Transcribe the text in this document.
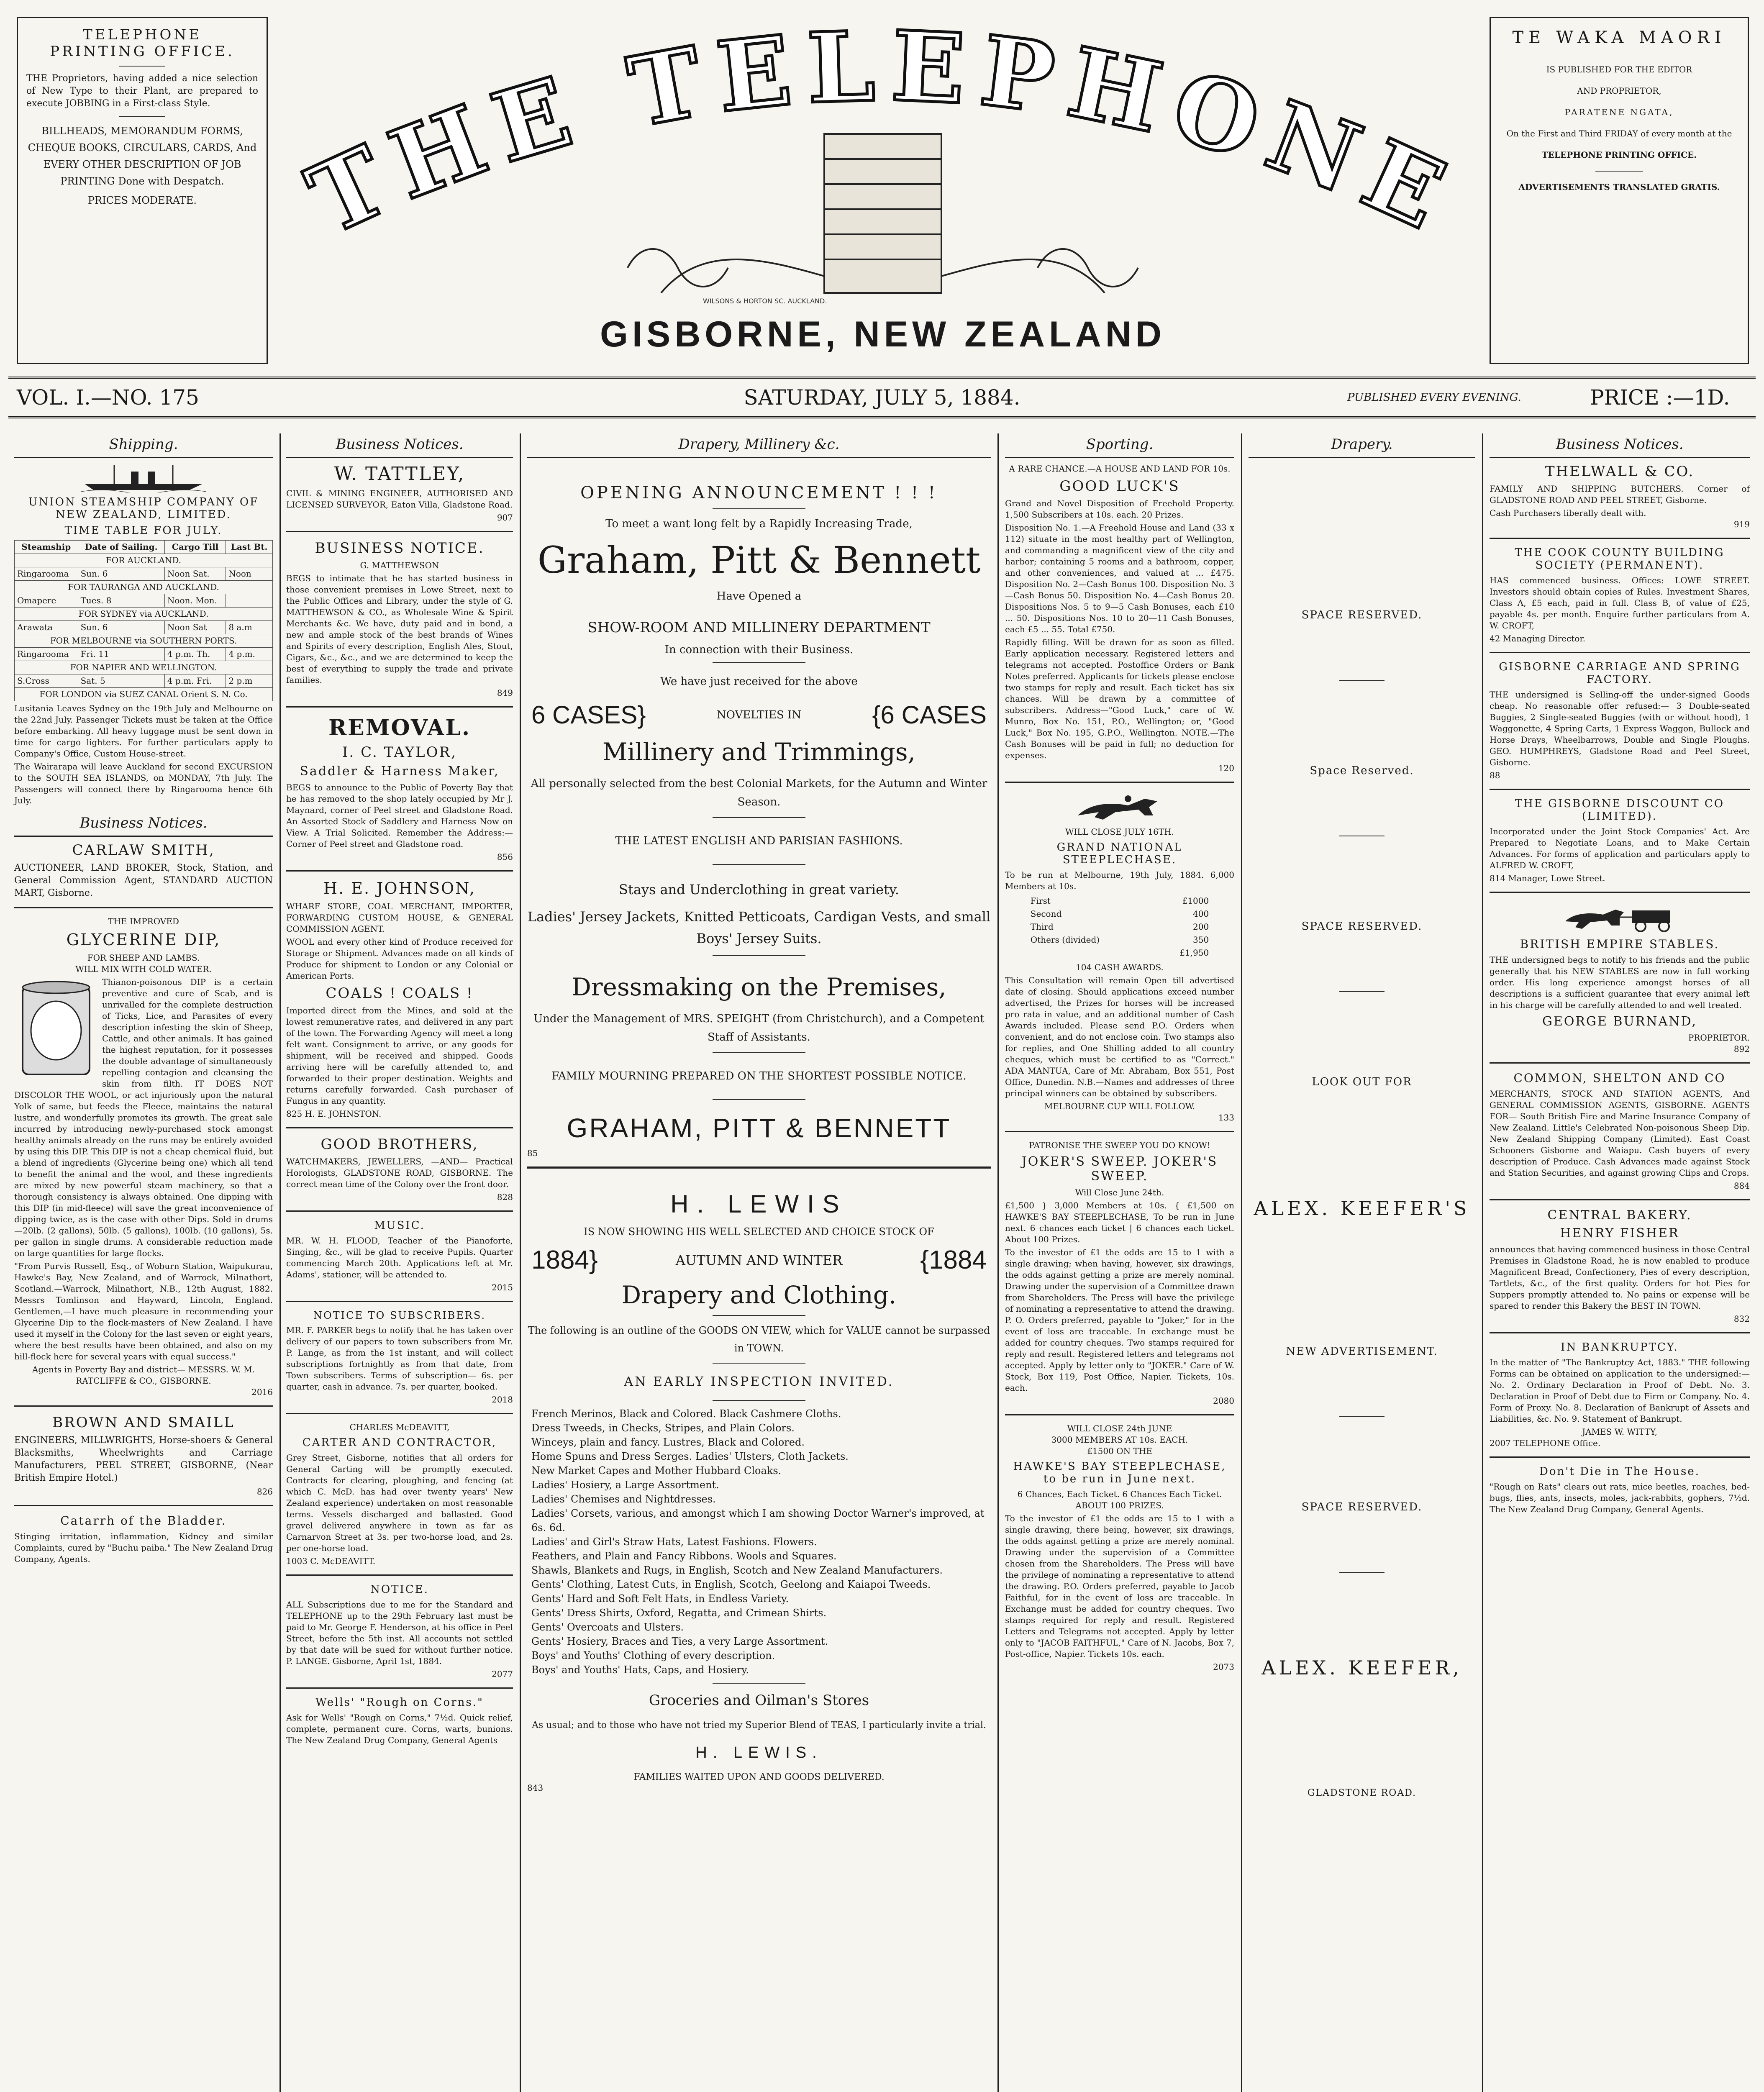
TELEPHONE
PRINTING OFFICE.
THE Proprietors, having added a nice selection of New Type to their Plant, are prepared to execute JOBBING in a First-class Style.
BILLHEADS, MEMORANDUM FORMS, CHEQUE BOOKS, CIRCULARS, CARDS, And EVERY OTHER DESCRIPTION OF JOB PRINTING Done with Despatch.
PRICES MODERATE. THE TELEPHONE
WILSONS & HORTON SC. AUCKLAND.
GISBORNE, NEW ZEALAND
TE WAKA MAORI
IS PUBLISHED FOR THE EDITOR
AND PROPRIETOR,
PARATENE NGATA,
On the First and Third FRIDAY of every month at the
TELEPHONE PRINTING OFFICE.
ADVERTISEMENTS TRANSLATED GRATIS.
VOL. I.—NO. 175	SATURDAY, JULY 5, 1884.	PUBLISHED EVERY EVENING.	PRICE :—1D.
Shipping.
UNION STEAMSHIP COMPANY OF NEW ZEALAND, LIMITED.
TIME TABLE FOR JULY.
Steamship	Date of Sailing.	Cargo Till	Last Bt.
FOR AUCKLAND.			
Ringarooma	Sun. 6	Noon Sat.	Noon
FOR TAURANGA AND AUCKLAND.			
Omapere	Tues. 8	Noon. Mon.	
FOR SYDNEY via AUCKLAND.			
Arawata	Sun. 6	Noon Sat	8 a.m
FOR MELBOURNE via SOUTHERN PORTS.			
Ringarooma	Fri. 11	4 p.m. Th.	4 p.m.
FOR NAPIER AND WELLINGTON.			
S.Cross	Sat. 5	4 p.m. Fri.	2 p.m
FOR LONDON via SUEZ CANAL Orient S. N. Co.			
Lusitania Leaves Sydney on the 19th July and Melbourne on the 22nd July. Passenger Tickets must be taken at the Office before embarking. All heavy luggage must be sent down in time for cargo lighters. For further particulars apply to Company's Office, Custom House-street.
The Wairarapa will leave Auckland for second EXCURSION to the SOUTH SEA ISLANDS, on MONDAY, 7th July. The Passengers will connect there by Ringarooma hence 6th July.
Business Notices.
CARLAW SMITH,
AUCTIONEER, LAND BROKER, Stock, Station, and General Commission Agent, STANDARD AUCTION MART, Gisborne.
THE IMPROVED
GLYCERINE DIP,
FOR SHEEP AND LAMBS.
WILL MIX WITH COLD WATER.
Thianon-poisonous DIP is a certain preventive and cure of Scab, and is unrivalled for the complete destruction of Ticks, Lice, and Parasites of every description infesting the skin of Sheep, Cattle, and other animals. It has gained the highest reputation, for it possesses the double advantage of simultaneously repelling contagion and cleansing the skin from filth. IT DOES NOT DISCOLOR THE WOOL, or act injuriously upon the natural Yolk of same, but feeds the Fleece, maintains the natural lustre, and wonderfully promotes its growth. The great sale incurred by introducing newly-purchased stock amongst healthy animals already on the runs may be entirely avoided by using this DIP. This DIP is not a cheap chemical fluid, but a blend of ingredients (Glycerine being one) which all tend to benefit the animal and the wool, and these ingredients are mixed by new powerful steam machinery, so that a thorough consistency is always obtained. One dipping with this DIP (in mid-fleece) will save the great inconvenience of dipping twice, as is the case with other Dips. Sold in drums—20lb. (2 gallons), 50lb. (5 gallons), 100lb. (10 gallons), 5s. per gallon in single drums. A considerable reduction made on large quantities for large flocks.
"From Purvis Russell, Esq., of Woburn Station, Waipukurau, Hawke's Bay, New Zealand, and of Warrock, Milnathort, Scotland.—Warrock, Milnathort, N.B., 12th August, 1882. Messrs Tomlinson and Hayward, Lincoln, England. Gentlemen,—I have much pleasure in recommending your Glycerine Dip to the flock-masters of New Zealand. I have used it myself in the Colony for the last seven or eight years, where the best results have been obtained, and also on my hill-flock here for several years with equal success."
Agents in Poverty Bay and district— MESSRS. W. M. RATCLIFFE & CO., GISBORNE.
2016
BROWN AND SMAILL
ENGINEERS, MILLWRIGHTS, Horse-shoers & General Blacksmiths, Wheelwrights and Carriage Manufacturers, PEEL STREET, GISBORNE, (Near British Empire Hotel.)
826
Catarrh of the Bladder.
Stinging irritation, inflammation, Kidney and similar Complaints, cured by "Buchu paiba." The New Zealand Drug Company, Agents.
Business Notices.
W. TATTLEY,
CIVIL & MINING ENGINEER, AUTHORISED AND LICENSED SURVEYOR, Eaton Villa, Gladstone Road.
907
BUSINESS NOTICE.
G. MATTHEWSON
BEGS to intimate that he has started business in those convenient premises in Lowe Street, next to the Public Offices and Library, under the style of G. MATTHEWSON & CO., as Wholesale Wine & Spirit Merchants &c. We have, duty paid and in bond, a new and ample stock of the best brands of Wines and Spirits of every description, English Ales, Stout, Cigars, &c., &c., and we are determined to keep the best of everything to supply the trade and private families.
849
REMOVAL.
I. C. TAYLOR,
Saddler & Harness Maker,
BEGS to announce to the Public of Poverty Bay that he has removed to the shop lately occupied by Mr J. Maynard, corner of Peel street and Gladstone Road. An Assorted Stock of Saddlery and Harness Now on View. A Trial Solicited. Remember the Address:—Corner of Peel street and Gladstone road.
856
H. E. JOHNSON,
WHARF STORE, COAL MERCHANT, IMPORTER, FORWARDING CUSTOM HOUSE, & GENERAL COMMISSION AGENT.
WOOL and every other kind of Produce received for Storage or Shipment. Advances made on all kinds of Produce for shipment to London or any Colonial or American Ports.
COALS ! COALS !
Imported direct from the Mines, and sold at the lowest remunerative rates, and delivered in any part of the town. The Forwarding Agency will meet a long felt want. Consignment to arrive, or any goods for shipment, will be received and shipped. Goods arriving here will be carefully attended to, and forwarded to their proper destination. Weights and returns carefully forwarded. Cash purchaser of Fungus in any quantity.
825 H. E. JOHNSTON.
GOOD BROTHERS,
WATCHMAKERS, JEWELLERS, —AND— Practical Horologists, GLADSTONE ROAD, GISBORNE. The correct mean time of the Colony over the front door.
828
MUSIC.
MR. W. H. FLOOD, Teacher of the Pianoforte, Singing, &c., will be glad to receive Pupils. Quarter commencing March 20th. Applications left at Mr. Adams', stationer, will be attended to.
2015
NOTICE TO SUBSCRIBERS.
MR. F. PARKER begs to notify that he has taken over delivery of our papers to town subscribers from Mr. P. Lange, as from the 1st instant, and will collect subscriptions fortnightly as from that date, from Town subscribers. Terms of subscription— 6s. per quarter, cash in advance. 7s. per quarter, booked.
2018
CHARLES McDEAVITT,
CARTER AND CONTRACTOR,
Grey Street, Gisborne, notifies that all orders for General Carting will be promptly executed. Contracts for clearing, ploughing, and fencing (at which C. McD. has had over twenty years' New Zealand experience) undertaken on most reasonable terms. Vessels discharged and ballasted. Good gravel delivered anywhere in town as far as Carnarvon Street at 3s. per two-horse load, and 2s. per one-horse load.
1003 C. McDEAVITT.
NOTICE.
ALL Subscriptions due to me for the Standard and TELEPHONE up to the 29th February last must be paid to Mr. George F. Henderson, at his office in Peel Street, before the 5th inst. All accounts not settled by that date will be sued for without further notice. P. LANGE. Gisborne, April 1st, 1884.
2077
Wells' "Rough on Corns."
Ask for Wells' "Rough on Corns," 7½d. Quick relief, complete, permanent cure. Corns, warts, bunions. The New Zealand Drug Company, General Agents
Drapery, Millinery &c.
OPENING ANNOUNCEMENT ! ! !
To meet a want long felt by a Rapidly Increasing Trade,
Graham, Pitt & Bennett
Have Opened a
SHOW-ROOM AND MILLINERY DEPARTMENT
In connection with their Business.
We have just received for the above
6 CASES}	NOVELTIES IN	{6 CASES
Millinery and Trimmings,
All personally selected from the best Colonial Markets, for the Autumn and Winter Season.
THE LATEST ENGLISH AND PARISIAN FASHIONS.
Stays and Underclothing in great variety.
Ladies' Jersey Jackets, Knitted Petticoats, Cardigan Vests, and small Boys' Jersey Suits.
Dressmaking on the Premises,
Under the Management of MRS. SPEIGHT (from Christchurch), and a Competent Staff of Assistants.
FAMILY MOURNING PREPARED ON THE SHORTEST POSSIBLE NOTICE.
GRAHAM, PITT & BENNETT
85
H. LEWIS
IS NOW SHOWING HIS WELL SELECTED AND CHOICE STOCK OF
1884}	AUTUMN AND WINTER	{1884
Drapery and Clothing.
The following is an outline of the GOODS ON VIEW, which for VALUE cannot be surpassed in TOWN.
AN EARLY INSPECTION INVITED.
French Merinos, Black and Colored. Black Cashmere Cloths.
Dress Tweeds, in Checks, Stripes, and Plain Colors.
Winceys, plain and fancy. Lustres, Black and Colored.
Home Spuns and Dress Serges. Ladies' Ulsters, Cloth Jackets.
New Market Capes and Mother Hubbard Cloaks.
Ladies' Hosiery, a Large Assortment.
Ladies' Chemises and Nightdresses.
Ladies' Corsets, various, and amongst which I am showing Doctor Warner's improved, at 6s. 6d.
Ladies' and Girl's Straw Hats, Latest Fashions. Flowers.
Feathers, and Plain and Fancy Ribbons. Wools and Squares.
Shawls, Blankets and Rugs, in English, Scotch and New Zealand Manufacturers.
Gents' Clothing, Latest Cuts, in English, Scotch, Geelong and Kaiapoi Tweeds.
Gents' Hard and Soft Felt Hats, in Endless Variety.
Gents' Dress Shirts, Oxford, Regatta, and Crimean Shirts.
Gents' Overcoats and Ulsters.
Gents' Hosiery, Braces and Ties, a very Large Assortment.
Boys' and Youths' Clothing of every description.
Boys' and Youths' Hats, Caps, and Hosiery.
Groceries and Oilman's Stores
As usual; and to those who have not tried my Superior Blend of TEAS, I particularly invite a trial.
H. LEWIS.
FAMILIES WAITED UPON AND GOODS DELIVERED.
843
Sporting.
A RARE CHANCE.—A HOUSE AND LAND FOR 10s.
GOOD LUCK'S
Grand and Novel Disposition of Freehold Property. 1,500 Subscribers at 10s. each. 20 Prizes.
Disposition No. 1.—A Freehold House and Land (33 x 112) situate in the most healthy part of Wellington, and commanding a magnificent view of the city and harbor; containing 5 rooms and a bathroom, copper, and other conveniences, and valued at ... £475. Disposition No. 2—Cash Bonus 100. Disposition No. 3—Cash Bonus 50. Disposition No. 4—Cash Bonus 20. Dispositions Nos. 5 to 9—5 Cash Bonuses, each £10 ... 50. Dispositions Nos. 10 to 20—11 Cash Bonuses, each £5 ... 55. Total £750.
Rapidly filling. Will be drawn for as soon as filled. Early application necessary. Registered letters and telegrams not accepted. Postoffice Orders or Bank Notes preferred. Applicants for tickets please enclose two stamps for reply and result. Each ticket has six chances. Will be drawn by a committee of subscribers. Address—"Good Luck," care of W. Munro, Box No. 151, P.O., Wellington; or, "Good Luck," Box No. 195, G.P.O., Wellington. NOTE.—The Cash Bonuses will be paid in full; no deduction for expenses.
120
WILL CLOSE JULY 16TH.
GRAND NATIONAL STEEPLECHASE.
To be run at Melbourne, 19th July, 1884. 6,000 Members at 10s.
First	£1000
Second	400
Third	200
Others (divided)	350
	£1,950
104 CASH AWARDS.
This Consultation will remain Open till advertised date of closing. Should applications exceed number advertised, the Prizes for horses will be increased pro rata in value, and an additional number of Cash Awards included. Please send P.O. Orders when convenient, and do not enclose coin. Two stamps also for replies, and One Shilling added to all country cheques, which must be certified to as "Correct." ADA MANTUA, Care of Mr. Abraham, Box 551, Post Office, Dunedin. N.B.—Names and addresses of three principal winners can be obtained by subscribers.
MELBOURNE CUP WILL FOLLOW.
133
PATRONISE THE SWEEP YOU DO KNOW!
JOKER'S SWEEP. JOKER'S SWEEP.
Will Close June 24th.
£1,500 } 3,000 Members at 10s. { £1,500 on HAWKE'S BAY STEEPLECHASE, To be run in June next. 6 chances each ticket | 6 chances each ticket. About 100 Prizes.
To the investor of £1 the odds are 15 to 1 with a single drawing; when having, however, six drawings, the odds against getting a prize are merely nominal. Drawing under the supervision of a Committee drawn from Shareholders. The Press will have the privilege of nominating a representative to attend the drawing. P. O. Orders preferred, payable to "Joker," for in the event of loss are traceable. In exchange must be added for country cheques. Two stamps required for reply and result. Registered letters and telegrams not accepted. Apply by letter only to "JOKER." Care of W. Stock, Box 119, Post Office, Napier. Tickets, 10s. each.
2080
WILL CLOSE 24th JUNE
3000 MEMBERS AT 10s. EACH.
£1500 ON THE
HAWKE'S BAY STEEPLECHASE, to be run in June next.
6 Chances, Each Ticket. 6 Chances Each Ticket. ABOUT 100 PRIZES.
To the investor of £1 the odds are 15 to 1 with a single drawing, there being, however, six drawings, the odds against getting a prize are merely nominal. Drawing under the supervision of a Committee chosen from the Shareholders. The Press will have the privilege of nominating a representative to attend the drawing. P.O. Orders preferred, payable to Jacob Faithful, for in the event of loss are traceable. In Exchange must be added for country cheques. Two stamps required for reply and result. Registered Letters and Telegrams not accepted. Apply by letter only to "JACOB FAITHFUL," Care of N. Jacobs, Box 7, Post-office, Napier. Tickets 10s. each.
2073
Drapery.
SPACE RESERVED.
Space Reserved.
SPACE RESERVED.
LOOK OUT FOR
ALEX. KEEFER'S
NEW ADVERTISEMENT.
SPACE RESERVED.
ALEX. KEEFER,
GLADSTONE ROAD.
Business Notices.
THELWALL & CO.
FAMILY AND SHIPPING BUTCHERS. Corner of GLADSTONE ROAD AND PEEL STREET, Gisborne.
Cash Purchasers liberally dealt with.
919
THE COOK COUNTY BUILDING SOCIETY (PERMANENT).
HAS commenced business. Offices: LOWE STREET. Investors should obtain copies of Rules. Investment Shares, Class A, £5 each, paid in full. Class B, of value of £25, payable 4s. per month. Enquire further particulars from A. W. CROFT,
42 Managing Director.
GISBORNE CARRIAGE AND SPRING FACTORY.
THE undersigned is Selling-off the under-signed Goods cheap. No reasonable offer refused:— 3 Double-seated Buggies, 2 Single-seated Buggies (with or without hood), 1 Waggonette, 4 Spring Carts, 1 Express Waggon, Bullock and Horse Drays, Wheelbarrows, Double and Single Ploughs. GEO. HUMPHREYS, Gladstone Road and Peel Street, Gisborne.
88
THE GISBORNE DISCOUNT CO (LIMITED).
Incorporated under the Joint Stock Companies' Act. Are Prepared to Negotiate Loans, and to Make Certain Advances. For forms of application and particulars apply to ALFRED W. CROFT,
814 Manager, Lowe Street.
BRITISH EMPIRE STABLES.
THE undersigned begs to notify to his friends and the public generally that his NEW STABLES are now in full working order. His long experience amongst horses of all descriptions is a sufficient guarantee that every animal left in his charge will be carefully attended to and well treated.
GEORGE BURNAND,
PROPRIETOR.
892
COMMON, SHELTON AND CO
MERCHANTS, STOCK AND STATION AGENTS, And GENERAL COMMISSION AGENTS, GISBORNE. AGENTS FOR— South British Fire and Marine Insurance Company of New Zealand. Little's Celebrated Non-poisonous Sheep Dip. New Zealand Shipping Company (Limited). East Coast Schooners Gisborne and Waiapu. Cash buyers of every description of Produce. Cash Advances made against Stock and Station Securities, and against growing Clips and Crops.
884
CENTRAL BAKERY.
HENRY FISHER
announces that having commenced business in those Central Premises in Gladstone Road, he is now enabled to produce Magnificent Bread, Confectionery, Pies of every description, Tartlets, &c., of the first quality. Orders for hot Pies for Suppers promptly attended to. No pains or expense will be spared to render this Bakery the BEST IN TOWN.
832
IN BANKRUPTCY.
In the matter of "The Bankruptcy Act, 1883." THE following Forms can be obtained on application to the undersigned:— No. 2. Ordinary Declaration in Proof of Debt. No. 3. Declaration in Proof of Debt due to Firm or Company. No. 4. Form of Proxy. No. 8. Declaration of Bankrupt of Assets and Liabilities, &c. No. 9. Statement of Bankrupt.
JAMES W. WITTY,
2007 TELEPHONE Office.
Don't Die in The House.
"Rough on Rats" clears out rats, mice beetles, roaches, bed-bugs, flies, ants, insects, moles, jack-rabbits, gophers, 7½d. The New Zealand Drug Company, General Agents.
